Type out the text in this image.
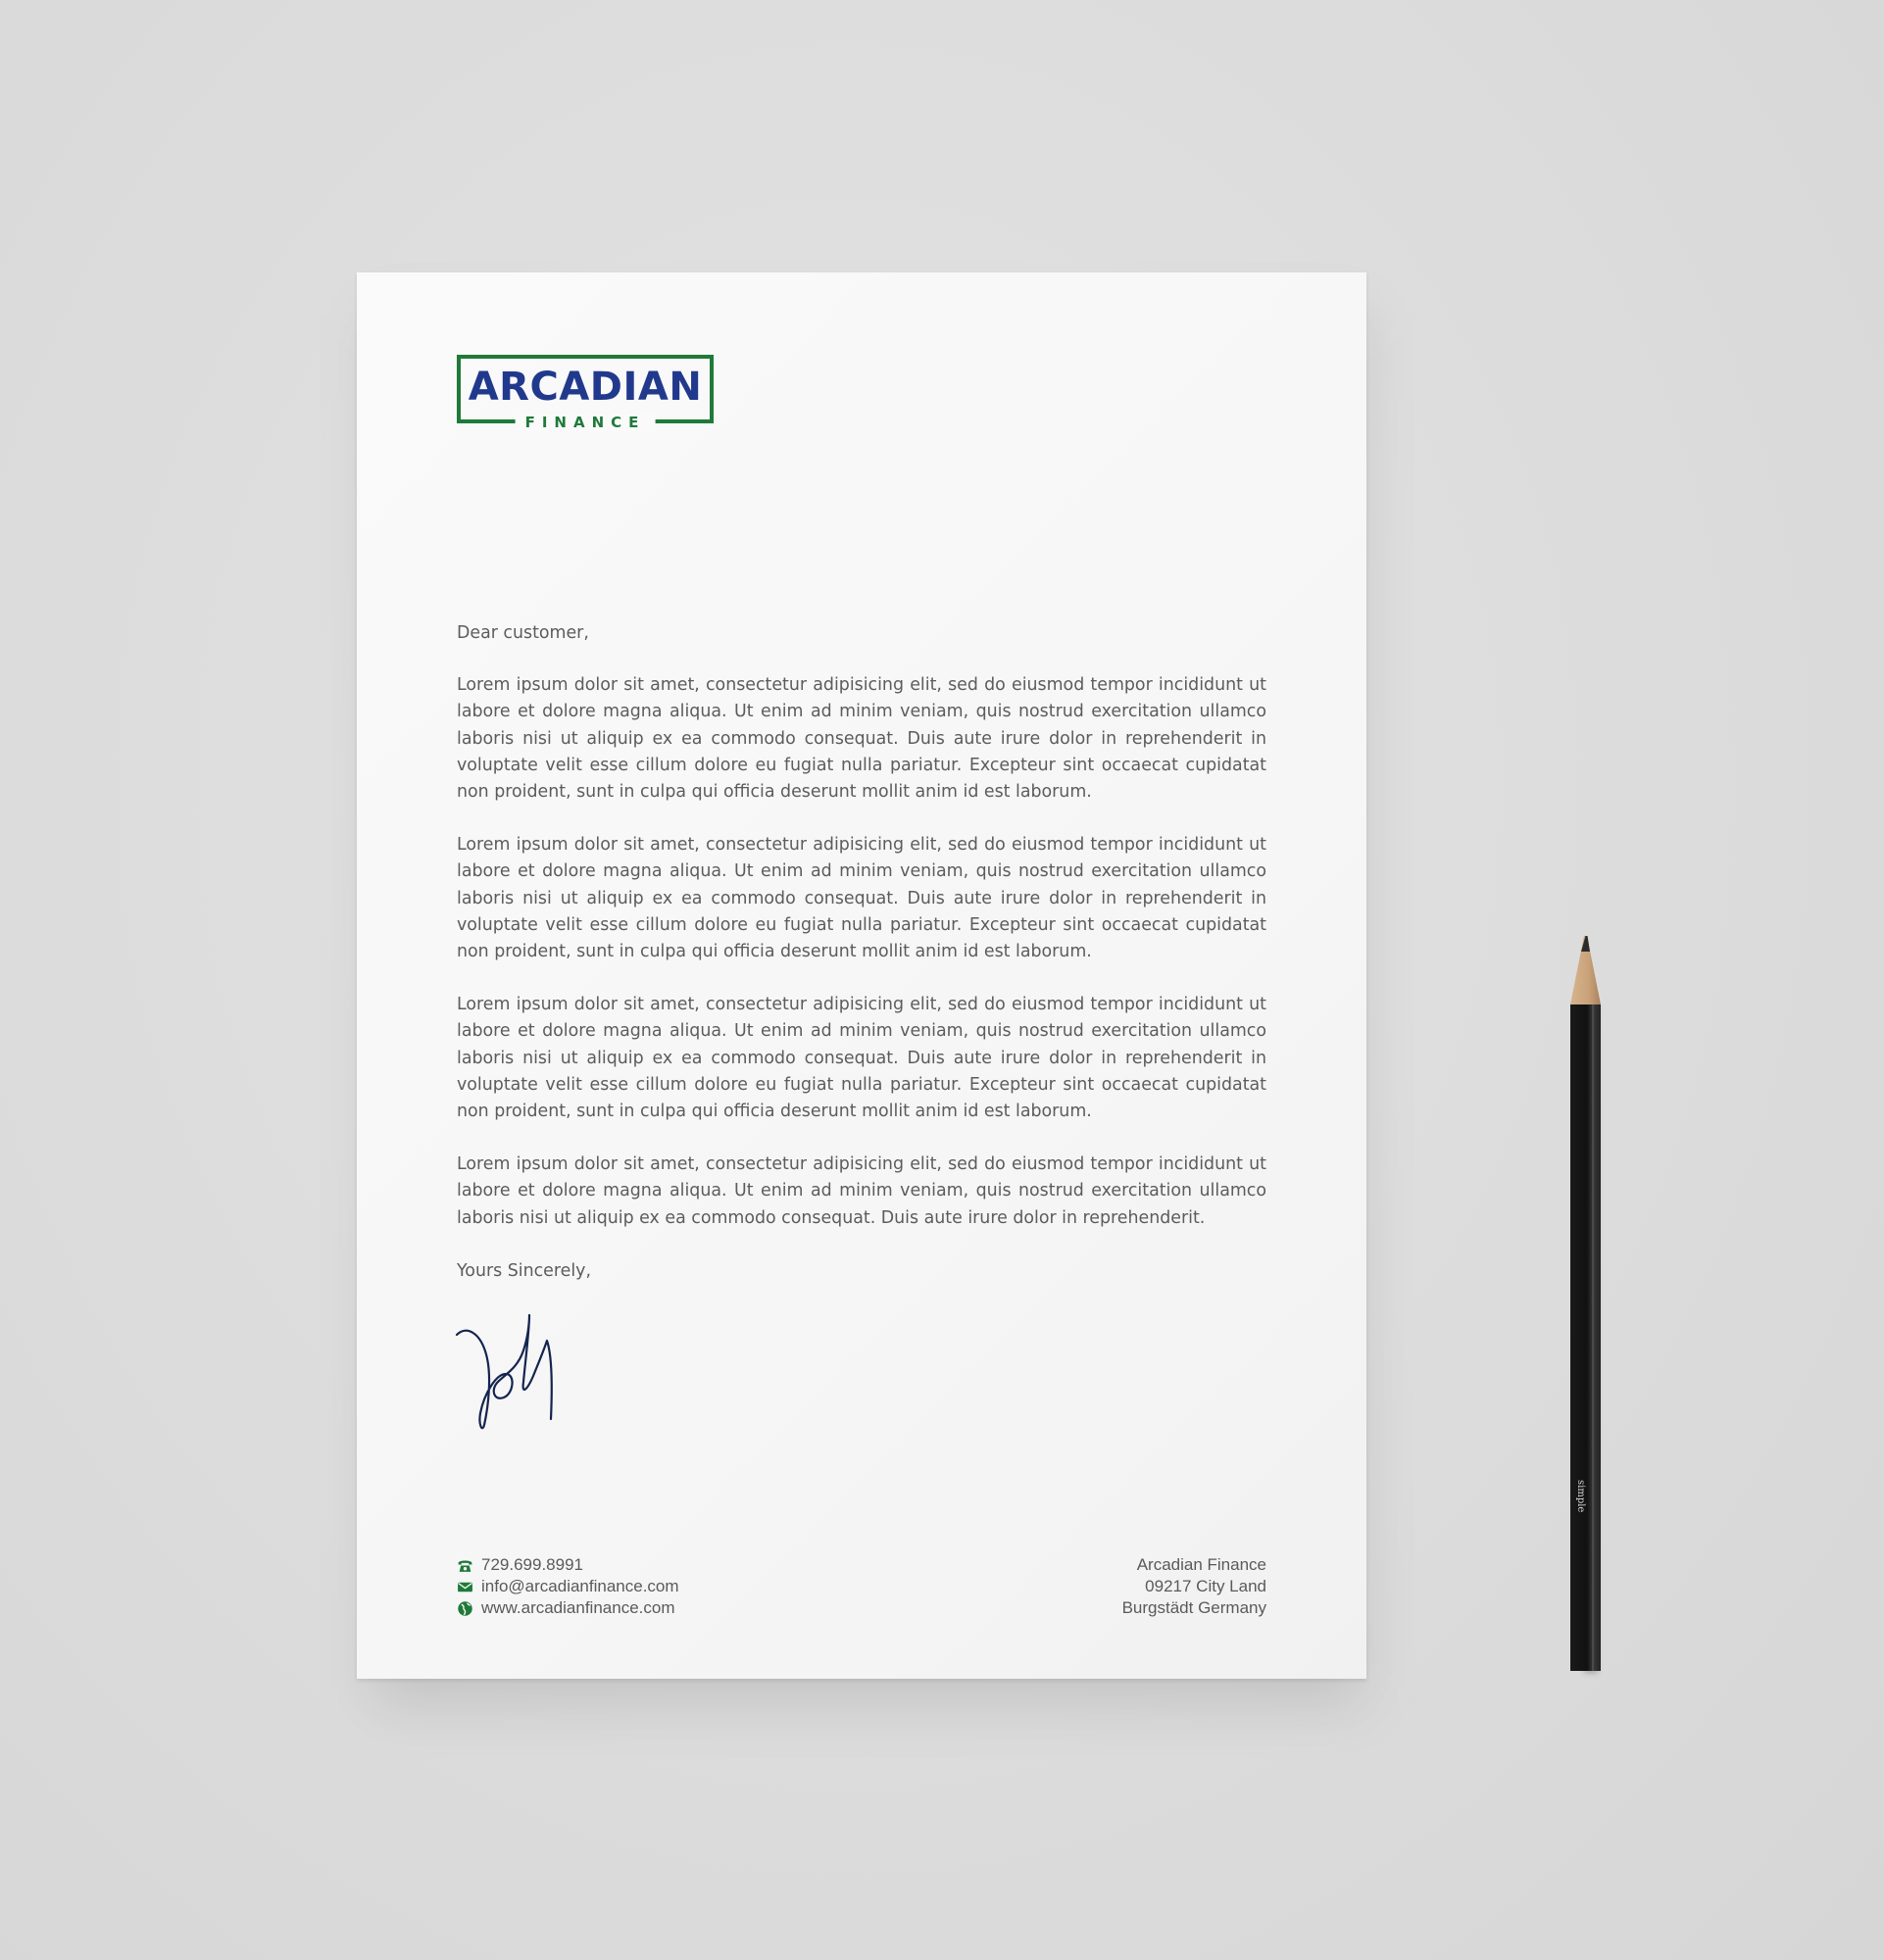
ARCADIAN
FINANCE

Dear customer,

Lorem ipsum dolor sit amet, consectetur adipisicing elit, sed do eiusmod tempor incididunt ut labore et dolore magna aliqua. Ut enim ad minim veniam, quis nostrud exercitation ullamco laboris nisi ut aliquip ex ea commodo consequat. Duis aute irure dolor in reprehenderit in voluptate velit esse cillum dolore eu fugiat nulla pariatur. Excepteur sint occaecat cupidatat non proident, sunt in culpa qui officia deserunt mollit anim id est laborum.

Lorem ipsum dolor sit amet, consectetur adipisicing elit, sed do eiusmod tempor incididunt ut labore et dolore magna aliqua. Ut enim ad minim veniam, quis nostrud exercitation ullamco laboris nisi ut aliquip ex ea commodo consequat. Duis aute irure dolor in reprehenderit in voluptate velit esse cillum dolore eu fugiat nulla pariatur. Excepteur sint occaecat cupidatat non proident, sunt in culpa qui officia deserunt mollit anim id est laborum.

Lorem ipsum dolor sit amet, consectetur adipisicing elit, sed do eiusmod tempor incididunt ut labore et dolore magna aliqua. Ut enim ad minim veniam, quis nostrud exercitation ullamco laboris nisi ut aliquip ex ea commodo consequat. Duis aute irure dolor in reprehenderit in voluptate velit esse cillum dolore eu fugiat nulla pariatur. Excepteur sint occaecat cupidatat non proident, sunt in culpa qui officia deserunt mollit anim id est laborum.

Lorem ipsum dolor sit amet, consectetur adipisicing elit, sed do eiusmod tempor incididunt ut labore et dolore magna aliqua. Ut enim ad minim veniam, quis nostrud exercitation ullamco laboris nisi ut aliquip ex ea commodo consequat. Duis aute irure dolor in reprehenderit.

Yours Sincerely,

729.699.8991
info@arcadianfinance.com
www.arcadianfinance.com
Arcadian Finance
09217 City Land
Burgstädt Germany
simple
